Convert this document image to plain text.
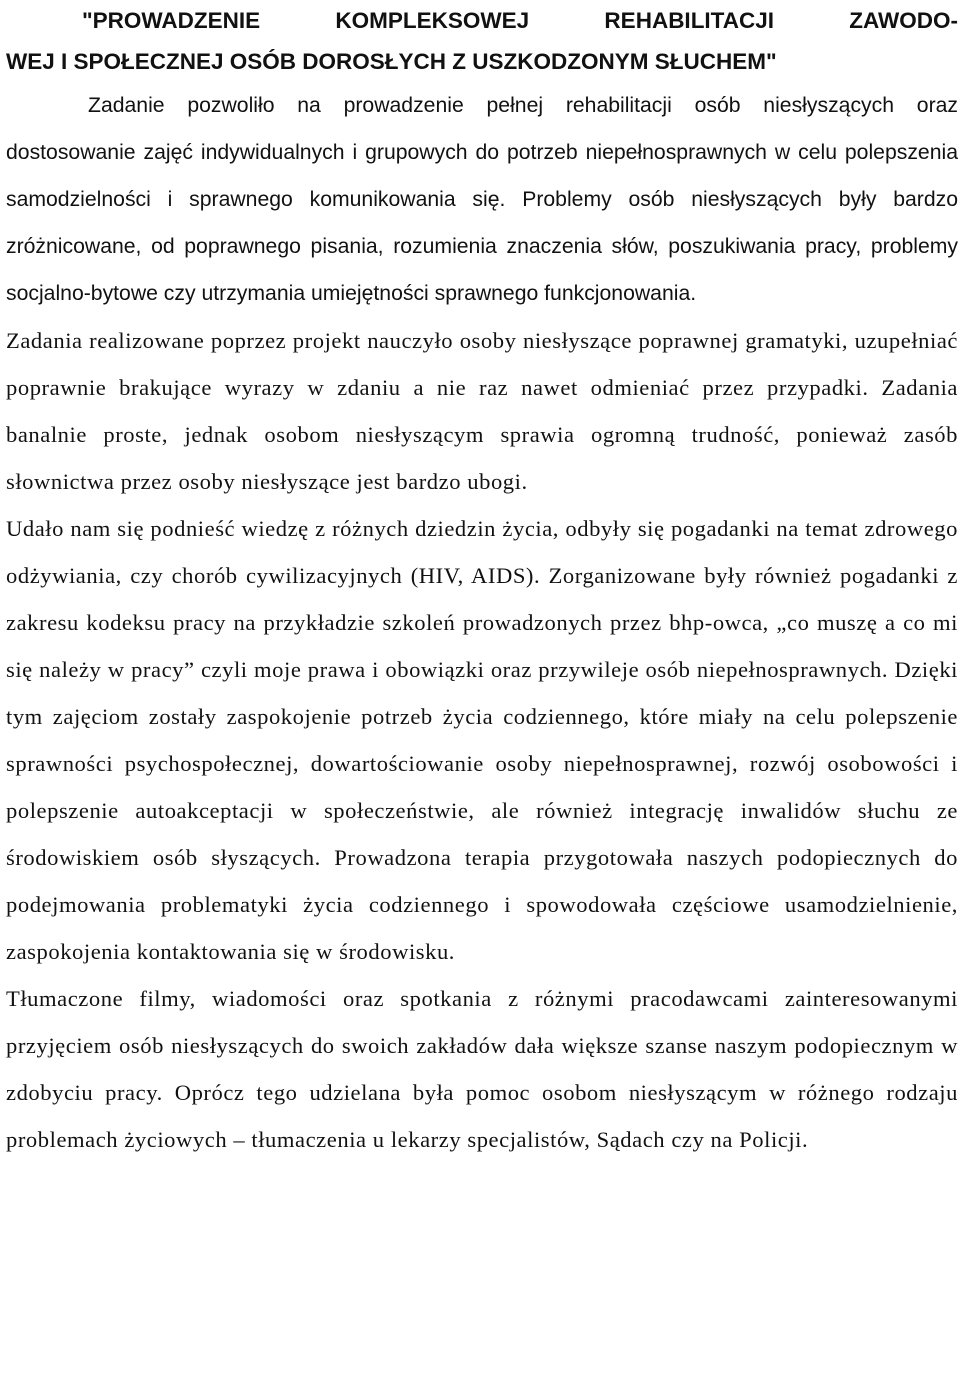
"PROWADZENIE KOMPLEKSOWEJ REHABILITACJI ZAWODO-
WEJ I SPOŁECZNEJ OSÓB DOROSŁYCH Z USZKODZONYM SŁUCHEM"

Zadanie pozwoliło na prowadzenie pełnej rehabilitacji osób niesłyszących oraz dostosowanie zajęć indywidualnych i grupowych do potrzeb niepełnosprawnych w celu polepszenia samodzielności i sprawnego komunikowania się. Problemy osób niesłyszących były bardzo zróżnicowane, od poprawnego pisania, rozumienia znaczenia słów, poszukiwania pracy, problemy socjalno-bytowe czy utrzymania umiejętności sprawnego funkcjonowania.

Zadania realizowane poprzez projekt nauczyło osoby niesłyszące poprawnej gramatyki, uzupełniać poprawnie brakujące wyrazy w zdaniu a nie raz nawet odmieniać przez przypadki. Zadania banalnie proste, jednak osobom niesłyszącym sprawia ogromną trudność, ponieważ zasób słownictwa przez osoby niesłyszące jest bardzo ubogi.

Udało nam się podnieść wiedzę z różnych dziedzin życia, odbyły się pogadanki na temat zdrowego odżywiania, czy chorób cywilizacyjnych (HIV, AIDS). Zorganizowane były również pogadanki z zakresu kodeksu pracy na przykładzie szkoleń prowadzonych przez bhp-owca, „co muszę a co mi się należy w pracy” czyli moje prawa i obowiązki oraz przywileje osób niepełnosprawnych. Dzięki tym zajęciom zostały zaspokojenie potrzeb życia codziennego, które miały na celu polepszenie sprawności psychospołecznej, dowartościowanie osoby niepełnosprawnej, rozwój osobowości i polepszenie autoakceptacji w społeczeństwie, ale również integrację inwalidów słuchu ze środowiskiem osób słyszących. Prowadzona terapia przygotowała naszych podopiecznych do podejmowania problematyki życia codziennego i spowodowała częściowe usamodzielnienie, zaspokojenia kontaktowania się w środowisku.

Tłumaczone filmy, wiadomości oraz spotkania z różnymi pracodawcami zainteresowanymi przyjęciem osób niesłyszących do swoich zakładów dała większe szanse naszym podopiecznym w zdobyciu pracy. Oprócz tego udzielana była pomoc osobom niesłyszącym w różnego rodzaju problemach życiowych – tłumaczenia u lekarzy specjalistów, Sądach czy na Policji.
